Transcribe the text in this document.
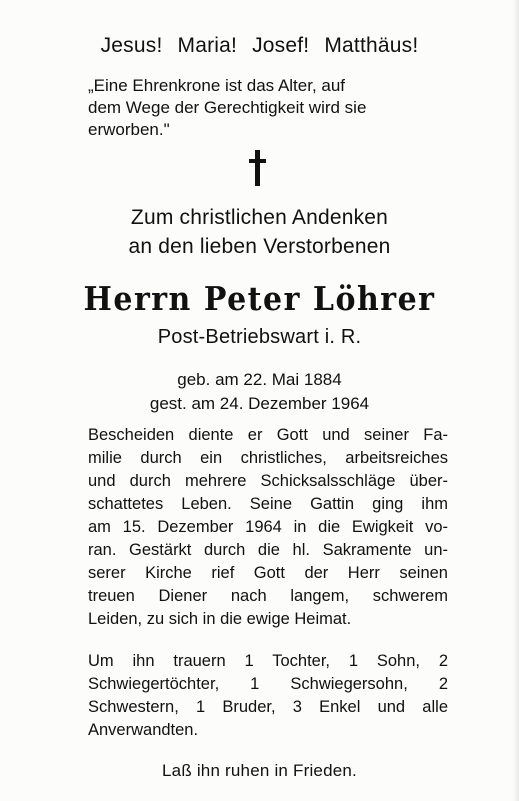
Jesus! Maria! Josef! Matthäus!
„Eine Ehrenkrone ist das Alter, auf
dem Wege der Gerechtigkeit wird sie
erworben."
Zum christlichen Andenken
an den lieben Verstorbenen
Herrn Peter Löhrer
Post-Betriebswart i. R.
geb. am 22. Mai 1884
gest. am 24. Dezember 1964
Bescheiden diente er Gott und seiner Fa-
milie durch ein christliches, arbeitsreiches
und durch mehrere Schicksalsschläge über-
schattetes Leben. Seine Gattin ging ihm
am 15. Dezember 1964 in die Ewigkeit vo-
ran. Gestärkt durch die hl. Sakramente un-
serer Kirche rief Gott der Herr seinen
treuen Diener nach langem, schwerem
Leiden, zu sich in die ewige Heimat.
Um ihn trauern 1 Tochter, 1 Sohn, 2
Schwiegertöchter, 1 Schwiegersohn, 2
Schwestern, 1 Bruder, 3 Enkel und alle
Anverwandten.
Laß ihn ruhen in Frieden.
